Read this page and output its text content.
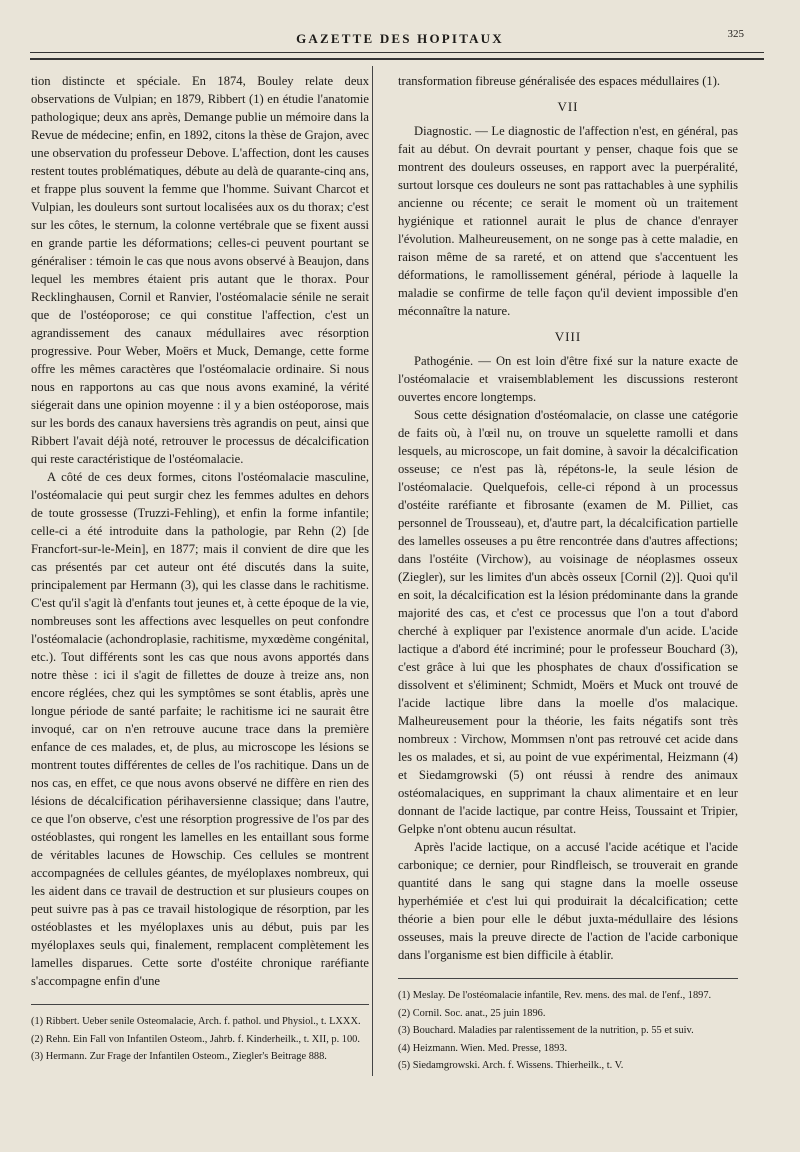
GAZETTE DES HOPITAUX	325

tion distincte et spéciale. En 1874, Bouley relate deux observations de Vulpian; en 1879, Ribbert (1) en étudie l'anatomie pathologique; deux ans après, Demange publie un mémoire dans la Revue de médecine; enfin, en 1892, citons la thèse de Grajon, avec une observation du professeur Debove. L'affection, dont les causes restent toutes problématiques, débute au delà de quarante-cinq ans, et frappe plus souvent la femme que l'homme. Suivant Charcot et Vulpian, les douleurs sont surtout localisées aux os du thorax; c'est sur les côtes, le sternum, la colonne vertébrale que se fixent aussi en grande partie les déformations; celles-ci peuvent pourtant se généraliser : témoin le cas que nous avons observé à Beaujon, dans lequel les membres étaient pris autant que le thorax. Pour Recklinghausen, Cornil et Ranvier, l'ostéomalacie sénile ne serait que de l'ostéoporose; ce qui constitue l'affection, c'est un agrandissement des canaux médullaires avec résorption progressive. Pour Weber, Moërs et Muck, Demange, cette forme offre les mêmes caractères que l'ostéomalacie ordinaire. Si nous nous en rapportons au cas que nous avons examiné, la vérité siégerait dans une opinion moyenne : il y a bien ostéoporose, mais sur les bords des canaux haversiens très agrandis on peut, ainsi que Ribbert l'avait déjà noté, retrouver le processus de décalcification qui reste caractéristique de l'ostéomalacie.

A côté de ces deux formes, citons l'ostéomalacie masculine, l'ostéomalacie qui peut surgir chez les femmes adultes en dehors de toute grossesse (Truzzi-Fehling), et enfin la forme infantile; celle-ci a été introduite dans la pathologie, par Rehn (2) [de Francfort-sur-le-Mein], en 1877; mais il convient de dire que les cas présentés par cet auteur ont été discutés dans la suite, principalement par Hermann (3), qui les classe dans le rachitisme. C'est qu'il s'agit là d'enfants tout jeunes et, à cette époque de la vie, nombreuses sont les affections avec lesquelles on peut confondre l'ostéomalacie (achondroplasie, rachitisme, myxœdème congénital, etc.). Tout différents sont les cas que nous avons apportés dans notre thèse : ici il s'agit de fillettes de douze à treize ans, non encore réglées, chez qui les symptômes se sont établis, après une longue période de santé parfaite; le rachitisme ici ne saurait être invoqué, car on n'en retrouve aucune trace dans la première enfance de ces malades, et, de plus, au microscope les lésions se montrent toutes différentes de celles de l'os rachitique. Dans un de nos cas, en effet, ce que nous avons observé ne diffère en rien des lésions de décalcification périhaversienne classique; dans l'autre, ce que l'on observe, c'est une résorption progressive de l'os par des ostéoblastes, qui rongent les lamelles en les entaillant sous forme de véritables lacunes de Howschip. Ces cellules se montrent accompagnées de cellules géantes, de myéloplaxes nombreux, qui les aident dans ce travail de destruction et sur plusieurs coupes on peut suivre pas à pas ce travail histologique de résorption, par les ostéoblastes et les myéloplaxes unis au début, puis par les myéloplaxes seuls qui, finalement, remplacent complètement les lamelles disparues. Cette sorte d'ostéite chronique raréfiante s'accompagne enfin d'une

(1) Ribbert. Ueber senile Osteomalacie, Arch. f. pathol. und Physiol., t. LXXX.

(2) Rehn. Ein Fall von Infantilen Osteom., Jahrb. f. Kinderheilk., t. XII, p. 100.

(3) Hermann. Zur Frage der Infantilen Osteom., Ziegler's Beitrage 888.

transformation fibreuse généralisée des espaces médullaires (1).

VII

Diagnostic. — Le diagnostic de l'affection n'est, en général, pas fait au début. On devrait pourtant y penser, chaque fois que se montrent des douleurs osseuses, en rapport avec la puerpéralité, surtout lorsque ces douleurs ne sont pas rattachables à une syphilis ancienne ou récente; ce serait le moment où un traitement hygiénique et rationnel aurait le plus de chance d'enrayer l'évolution. Malheureusement, on ne songe pas à cette maladie, en raison même de sa rareté, et on attend que s'accentuent les déformations, le ramollissement général, période à laquelle la maladie se confirme de telle façon qu'il devient impossible d'en méconnaître la nature.

VIII

Pathogénie. — On est loin d'être fixé sur la nature exacte de l'ostéomalacie et vraisemblablement les discussions resteront ouvertes encore longtemps.

Sous cette désignation d'ostéomalacie, on classe une catégorie de faits où, à l'œil nu, on trouve un squelette ramolli et dans lesquels, au microscope, un fait domine, à savoir la décalcification osseuse; ce n'est pas là, répétons-le, la seule lésion de l'ostéomalacie. Quelquefois, celle-ci répond à un processus d'ostéite raréfiante et fibrosante (examen de M. Pilliet, cas personnel de Trousseau), et, d'autre part, la décalcification partielle des lamelles osseuses a pu être rencontrée dans d'autres affections; dans l'ostéite (Virchow), au voisinage de néoplasmes osseux (Ziegler), sur les limites d'un abcès osseux [Cornil (2)]. Quoi qu'il en soit, la décalcification est la lésion prédominante dans la grande majorité des cas, et c'est ce processus que l'on a tout d'abord cherché à expliquer par l'existence anormale d'un acide. L'acide lactique a d'abord été incriminé; pour le professeur Bouchard (3), c'est grâce à lui que les phosphates de chaux d'ossification se dissolvent et s'éliminent; Schmidt, Moërs et Muck ont trouvé de l'acide lactique libre dans la moelle d'os malacique. Malheureusement pour la théorie, les faits négatifs sont très nombreux : Virchow, Mommsen n'ont pas retrouvé cet acide dans les os malades, et si, au point de vue expérimental, Heizmann (4) et Siedamgrowski (5) ont réussi à rendre des animaux ostéomalaciques, en supprimant la chaux alimentaire et en leur donnant de l'acide lactique, par contre Heiss, Toussaint et Tripier, Gelpke n'ont obtenu aucun résultat.

Après l'acide lactique, on a accusé l'acide acétique et l'acide carbonique; ce dernier, pour Rindfleisch, se trouverait en grande quantité dans le sang qui stagne dans la moelle osseuse hyperhémiée et c'est lui qui produirait la décalcification; cette théorie a bien pour elle le début juxta-médullaire des lésions osseuses, mais la preuve directe de l'action de l'acide carbonique dans l'organisme est bien difficile à établir.

(1) Meslay. De l'ostéomalacie infantile, Rev. mens. des mal. de l'enf., 1897.

(2) Cornil. Soc. anat., 25 juin 1896.

(3) Bouchard. Maladies par ralentissement de la nutrition, p. 55 et suiv.

(4) Heizmann. Wien. Med. Presse, 1893.

(5) Siedamgrowski. Arch. f. Wissens. Thierheilk., t. V.
